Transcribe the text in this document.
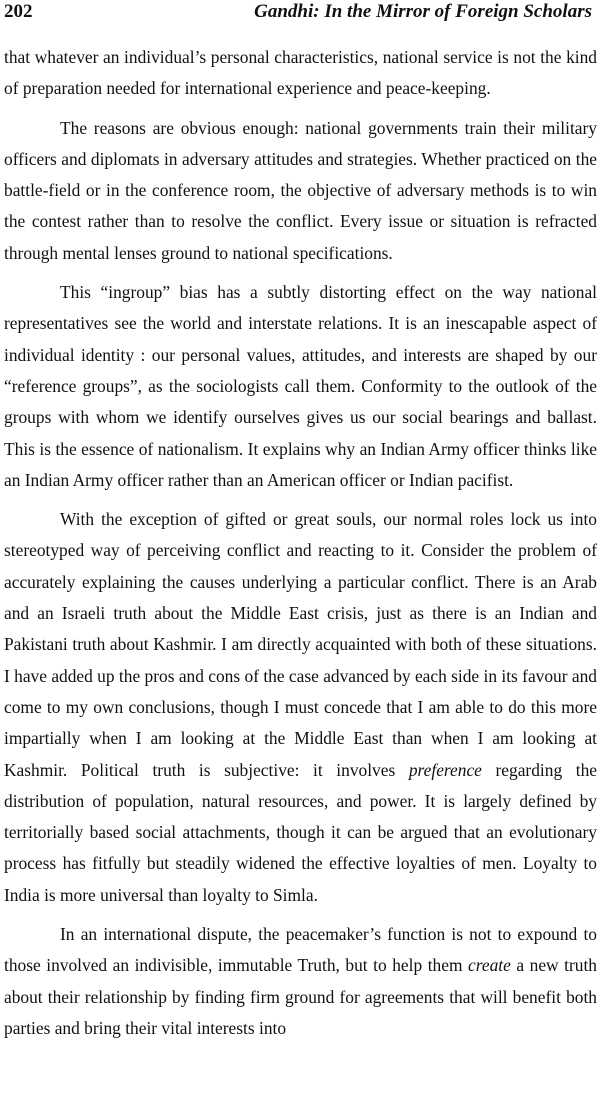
202	Gandhi: In the Mirror of Foreign Scholars

that whatever an individual’s personal characteristics, national service is not the kind of preparation needed for international experience and peace-keeping.

The reasons are obvious enough: national governments train their military officers and diplomats in adversary attitudes and strategies. Whether practiced on the battle-field or in the conference room, the objective of adversary methods is to win the contest rather than to resolve the conflict. Every issue or situation is refracted through mental lenses ground to national specifications.

This “ingroup” bias has a subtly distorting effect on the way national representatives see the world and interstate relations. It is an inescapable aspect of individual identity : our personal values, attitudes, and interests are shaped by our “reference groups”, as the sociologists call them. Conformity to the outlook of the groups with whom we identify ourselves gives us our social bearings and ballast. This is the essence of nationalism. It explains why an Indian Army officer thinks like an Indian Army officer rather than an American officer or Indian pacifist.

With the exception of gifted or great souls, our normal roles lock us into stereotyped way of perceiving conflict and reacting to it. Consider the problem of accurately explaining the causes underlying a particular conflict. There is an Arab and an Israeli truth about the Middle East crisis, just as there is an Indian and Pakistani truth about Kashmir. I am directly acquainted with both of these situations. I have added up the pros and cons of the case advanced by each side in its favour and come to my own conclusions, though I must concede that I am able to do this more impartially when I am looking at the Middle East than when I am looking at Kashmir. Political truth is subjective: it involves preference regarding the distribution of population, natural resources, and power. It is largely defined by territorially based social attachments, though it can be argued that an evolutionary process has fitfully but steadily widened the effective loyalties of men. Loyalty to India is more universal than loyalty to Simla.

In an international dispute, the peacemaker’s function is not to expound to those involved an indivisible, immutable Truth, but to help them create a new truth about their relationship by finding firm ground for agreements that will benefit both parties and bring their vital interests into
